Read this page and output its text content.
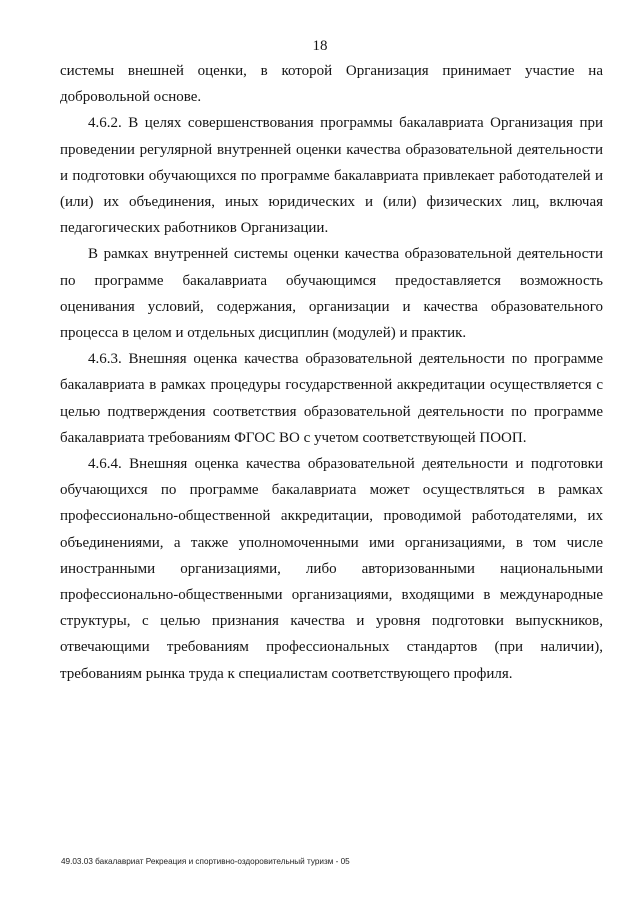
18

системы внешней оценки, в которой Организация принимает участие на добровольной основе.

4.6.2. В целях совершенствования программы бакалавриата Организация при проведении регулярной внутренней оценки качества образовательной деятельности и подготовки обучающихся по программе бакалавриата привлекает работодателей и (или) их объединения, иных юридических и (или) физических лиц, включая педагогических работников Организации.

В рамках внутренней системы оценки качества образовательной деятельности по программе бакалавриата обучающимся предоставляется возможность оценивания условий, содержания, организации и качества образовательного процесса в целом и отдельных дисциплин (модулей) и практик.

4.6.3. Внешняя оценка качества образовательной деятельности по программе бакалавриата в рамках процедуры государственной аккредитации осуществляется с целью подтверждения соответствия образовательной деятельности по программе бакалавриата требованиям ФГОС ВО с учетом соответствующей ПООП.

4.6.4. Внешняя оценка качества образовательной деятельности и подготовки обучающихся по программе бакалавриата может осуществляться в рамках профессионально-общественной аккредитации, проводимой работодателями, их объединениями, а также уполномоченными ими организациями, в том числе иностранными организациями, либо авторизованными национальными профессионально-общественными организациями, входящими в международные структуры, с целью признания качества и уровня подготовки выпускников, отвечающими требованиям профессиональных стандартов (при наличии), требованиям рынка труда к специалистам соответствующего профиля.

49.03.03 бакалавриат Рекреация и спортивно-оздоровительный туризм - 05
